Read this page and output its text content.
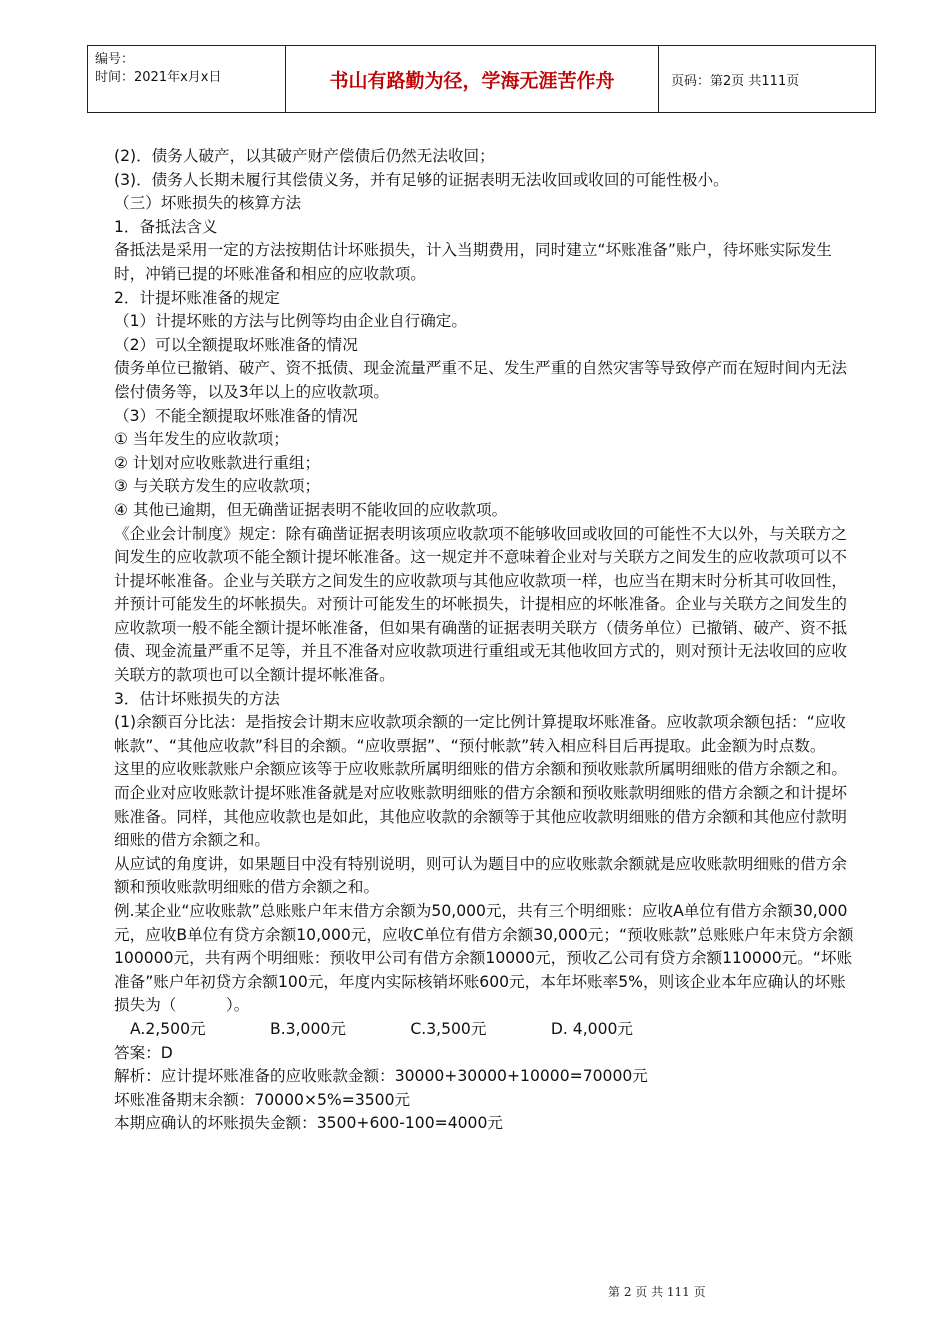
编号：
时间：2021年x月x日	书山有路勤为径，学海无涯苦作舟	页码：第2页 共111页

(2)．债务人破产，以其破产财产偿债后仍然无法收回；

(3)．债务人长期未履行其偿债义务，并有足够的证据表明无法收回或收回的可能性极小。

（三）坏账损失的核算方法

1．备抵法含义

备抵法是采用一定的方法按期估计坏账损失，计入当期费用，同时建立“坏账准备”账户，待坏账实际发生时，冲销已提的坏账准备和相应的应收款项。

2．计提坏账准备的规定

（1）计提坏账的方法与比例等均由企业自行确定。

（2）可以全额提取坏账准备的情况

债务单位已撤销、破产、资不抵债、现金流量严重不足、发生严重的自然灾害等导致停产而在短时间内无法偿付债务等，以及3年以上的应收款项。

（3）不能全额提取坏账准备的情况

① 当年发生的应收款项；

② 计划对应收账款进行重组；

③ 与关联方发生的应收款项；

④ 其他已逾期，但无确凿证据表明不能收回的应收款项。

《企业会计制度》规定：除有确凿证据表明该项应收款项不能够收回或收回的可能性不大以外，与关联方之间发生的应收款项不能全额计提坏帐准备。这一规定并不意味着企业对与关联方之间发生的应收款项可以不计提坏帐准备。企业与关联方之间发生的应收款项与其他应收款项一样，也应当在期末时分析其可收回性，并预计可能发生的坏帐损失。对预计可能发生的坏帐损失，计提相应的坏帐准备。企业与关联方之间发生的应收款项一般不能全额计提坏帐准备，但如果有确凿的证据表明关联方（债务单位）已撤销、破产、资不抵债、现金流量严重不足等，并且不准备对应收款项进行重组或无其他收回方式的，则对预计无法收回的应收关联方的款项也可以全额计提坏帐准备。

3．估计坏账损失的方法

(1)余额百分比法：是指按会计期末应收款项余额的一定比例计算提取坏账准备。应收款项余额包括：“应收帐款”、“其他应收款”科目的余额。“应收票据”、“预付帐款”转入相应科目后再提取。此金额为时点数。

这里的应收账款账户余额应该等于应收账款所属明细账的借方余额和预收账款所属明细账的借方余额之和。而企业对应收账款计提坏账准备就是对应收账款明细账的借方余额和预收账款明细账的借方余额之和计提坏账准备。同样，其他应收款也是如此，其他应收款的余额等于其他应收款明细账的借方余额和其他应付款明细账的借方余额之和。

从应试的角度讲，如果题目中没有特别说明，则可认为题目中的应收账款余额就是应收账款明细账的借方余额和预收账款明细账的借方余额之和。

例.某企业“应收账款”总账账户年末借方余额为50,000元，共有三个明细账：应收A单位有借方余额30,000元，应收B单位有贷方余额10,000元，应收C单位有借方余额30,000元；“预收账款”总账账户年末贷方余额100000元，共有两个明细账：预收甲公司有借方余额10000元，预收乙公司有贷方余额110000元。“坏账准备”账户年初贷方余额100元，年度内实际核销坏账600元，本年坏账率5%，则该企业本年应确认的坏账损失为（          ）。

A.2,500元             B.3,000元             C.3,500元             D. 4,000元

答案：D

解析：应计提坏账准备的应收账款金额：30000+30000+10000=70000元

坏账准备期末余额：70000×5%=3500元

本期应确认的坏账损失金额：3500+600-100=4000元

第 2 页 共 111 页
